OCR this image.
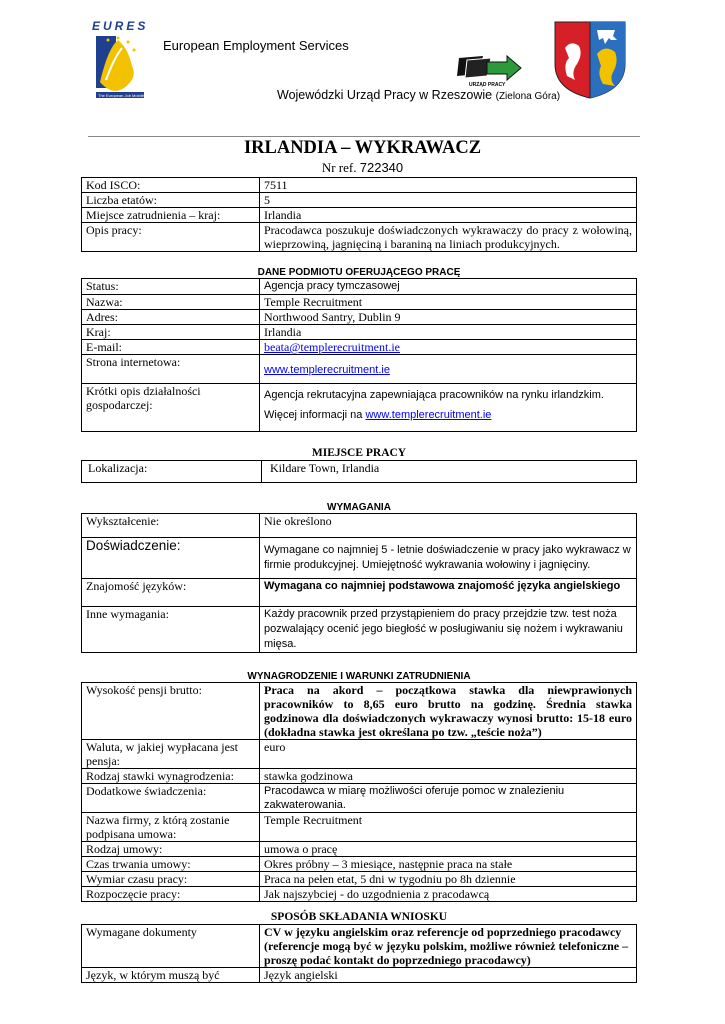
EURES
The European Job Mobility Portal
European Employment Services
URZĄD PRACY
Wojewódzki Urząd Pracy w Rzeszowie (Zielona Góra)
IRLANDIA – WYKRAWACZ
Nr ref. 722340
Kod ISCO:	7511
Liczba etatów:	5
Miejsce zatrudnienia – kraj:	Irlandia
Opis pracy:	Pracodawca poszukuje doświadczonych wykrawaczy do pracy z wołowiną, wieprzowiną, jagnięciną i baraniną na liniach produkcyjnych.
DANE PODMIOTU OFERUJĄCEGO PRACĘ
Status:	Agencja pracy tymczasowej
Nazwa:	Temple Recruitment
Adres:	Northwood Santry, Dublin 9
Kraj:	Irlandia
E-mail:	beata@templerecruitment.ie
Strona internetowa:	www.templerecruitment.ie
Krótki opis działalności gospodarczej:	Agencja rekrutacyjna zapewniająca pracowników na rynku irlandzkim.
Więcej informacji na www.templerecruitment.ie
MIEJSCE PRACY
Lokalizacja:	Kildare Town, Irlandia
WYMAGANIA
Wykształcenie:	Nie określono
Doświadczenie:	Wymagane co najmniej 5 - letnie doświadczenie w pracy jako wykrawacz w firmie produkcyjnej. Umiejętność wykrawania wołowiny i jagnięciny.
Znajomość języków:	Wymagana co najmniej podstawowa znajomość języka angielskiego
Inne wymagania:	Każdy pracownik przed przystąpieniem do pracy przejdzie tzw. test noża pozwalający ocenić jego biegłość w posługiwaniu się nożem i wykrawaniu mięsa.
WYNAGRODZENIE I WARUNKI ZATRUDNIENIA
Wysokość pensji brutto:	Praca na akord – początkowa stawka dla niewprawionych pracowników to 8,65 euro brutto na godzinę. Średnia stawka godzinowa dla doświadczonych wykrawaczy wynosi brutto: 15-18 euro (dokładna stawka jest określana po tzw. „teście noża”)
Waluta, w jakiej wypłacana jest pensja:	euro
Rodzaj stawki wynagrodzenia:	stawka godzinowa
Dodatkowe świadczenia:	Pracodawca w miarę możliwości oferuje pomoc w znalezieniu zakwaterowania.
Nazwa firmy, z którą zostanie podpisana umowa:	Temple Recruitment
Rodzaj umowy:	umowa o pracę
Czas trwania umowy:	Okres próbny – 3 miesiące, następnie praca na stałe
Wymiar czasu pracy:	Praca na pełen etat, 5 dni w tygodniu po 8h dziennie
Rozpoczęcie pracy:	Jak najszybciej - do uzgodnienia z pracodawcą
SPOSÓB SKŁADANIA WNIOSKU
Wymagane dokumenty	CV w języku angielskim oraz referencje od poprzedniego pracodawcy (referencje mogą być w języku polskim, możliwe również telefoniczne – proszę podać kontakt do poprzedniego pracodawcy)
Język, w którym muszą być	Język angielski
